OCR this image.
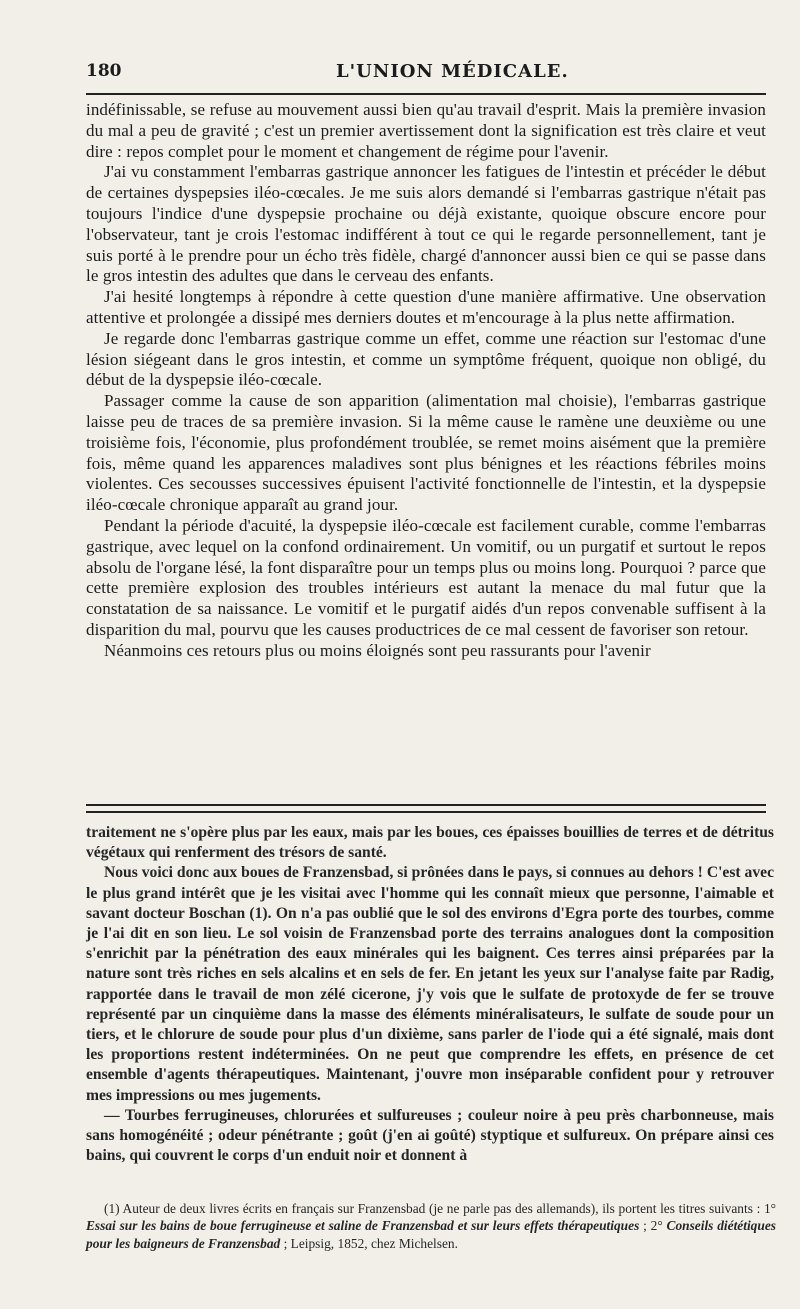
180	L'UNION MÉDICALE.

indéfinissable, se refuse au mouvement aussi bien qu'au travail d'esprit. Mais la première invasion du mal a peu de gravité ; c'est un premier avertissement dont la signification est très claire et veut dire : repos complet pour le moment et changement de régime pour l'avenir.

J'ai vu constamment l'embarras gastrique annoncer les fatigues de l'intestin et précéder le début de certaines dyspepsies iléo-cœcales. Je me suis alors demandé si l'embarras gastrique n'était pas toujours l'indice d'une dyspepsie prochaine ou déjà existante, quoique obscure encore pour l'observateur, tant je crois l'estomac indifférent à tout ce qui le regarde personnellement, tant je suis porté à le prendre pour un écho très fidèle, chargé d'annoncer aussi bien ce qui se passe dans le gros intestin des adultes que dans le cerveau des enfants.

J'ai hesité longtemps à répondre à cette question d'une manière affirmative. Une observation attentive et prolongée a dissipé mes derniers doutes et m'encourage à la plus nette affirmation.

Je regarde donc l'embarras gastrique comme un effet, comme une réaction sur l'estomac d'une lésion siégeant dans le gros intestin, et comme un symptôme fréquent, quoique non obligé, du début de la dyspepsie iléo-cœcale.

Passager comme la cause de son apparition (alimentation mal choisie), l'embarras gastrique laisse peu de traces de sa première invasion. Si la même cause le ramène une deuxième ou une troisième fois, l'économie, plus profondément troublée, se remet moins aisément que la première fois, même quand les apparences maladives sont plus bénignes et les réactions fébriles moins violentes. Ces secousses successives épuisent l'activité fonctionnelle de l'intestin, et la dyspepsie iléo-cœcale chronique apparaît au grand jour.

Pendant la période d'acuité, la dyspepsie iléo-cœcale est facilement curable, comme l'embarras gastrique, avec lequel on la confond ordinairement. Un vomitif, ou un purgatif et surtout le repos absolu de l'organe lésé, la font disparaître pour un temps plus ou moins long. Pourquoi ? parce que cette première explosion des troubles intérieurs est autant la menace du mal futur que la constatation de sa naissance. Le vomitif et le purgatif aidés d'un repos convenable suffisent à la disparition du mal, pourvu que les causes productrices de ce mal cessent de favoriser son retour.

Néanmoins ces retours plus ou moins éloignés sont peu rassurants pour l'avenir

traitement ne s'opère plus par les eaux, mais par les boues, ces épaisses bouillies de terres et de détritus végétaux qui renferment des trésors de santé.

Nous voici donc aux boues de Franzensbad, si prônées dans le pays, si connues au dehors ! C'est avec le plus grand intérêt que je les visitai avec l'homme qui les connaît mieux que personne, l'aimable et savant docteur Boschan (1). On n'a pas oublié que le sol des environs d'Egra porte des tourbes, comme je l'ai dit en son lieu. Le sol voisin de Franzensbad porte des terrains analogues dont la composition s'enrichit par la pénétration des eaux minérales qui les baignent. Ces terres ainsi préparées par la nature sont très riches en sels alcalins et en sels de fer. En jetant les yeux sur l'analyse faite par Radig, rapportée dans le travail de mon zélé cicerone, j'y vois que le sulfate de protoxyde de fer se trouve représenté par un cinquième dans la masse des éléments minéralisateurs, le sulfate de soude pour un tiers, et le chlorure de soude pour plus d'un dixième, sans parler de l'iode qui a été signalé, mais dont les proportions restent indéterminées. On ne peut que comprendre les effets, en présence de cet ensemble d'agents thérapeutiques. Maintenant, j'ouvre mon inséparable confident pour y retrouver mes impressions ou mes jugements.

— Tourbes ferrugineuses, chlorurées et sulfureuses ; couleur noire à peu près charbonneuse, mais sans homogénéité ; odeur pénétrante ; goût (j'en ai goûté) styptique et sulfureux. On prépare ainsi ces bains, qui couvrent le corps d'un enduit noir et donnent à

(1) Auteur de deux livres écrits en français sur Franzensbad (je ne parle pas des allemands), ils portent les titres suivants : 1° Essai sur les bains de boue ferrugineuse et saline de Franzensbad et sur leurs effets thérapeutiques ; 2° Conseils diététiques pour les baigneurs de Franzensbad ; Leipsig, 1852, chez Michelsen.
